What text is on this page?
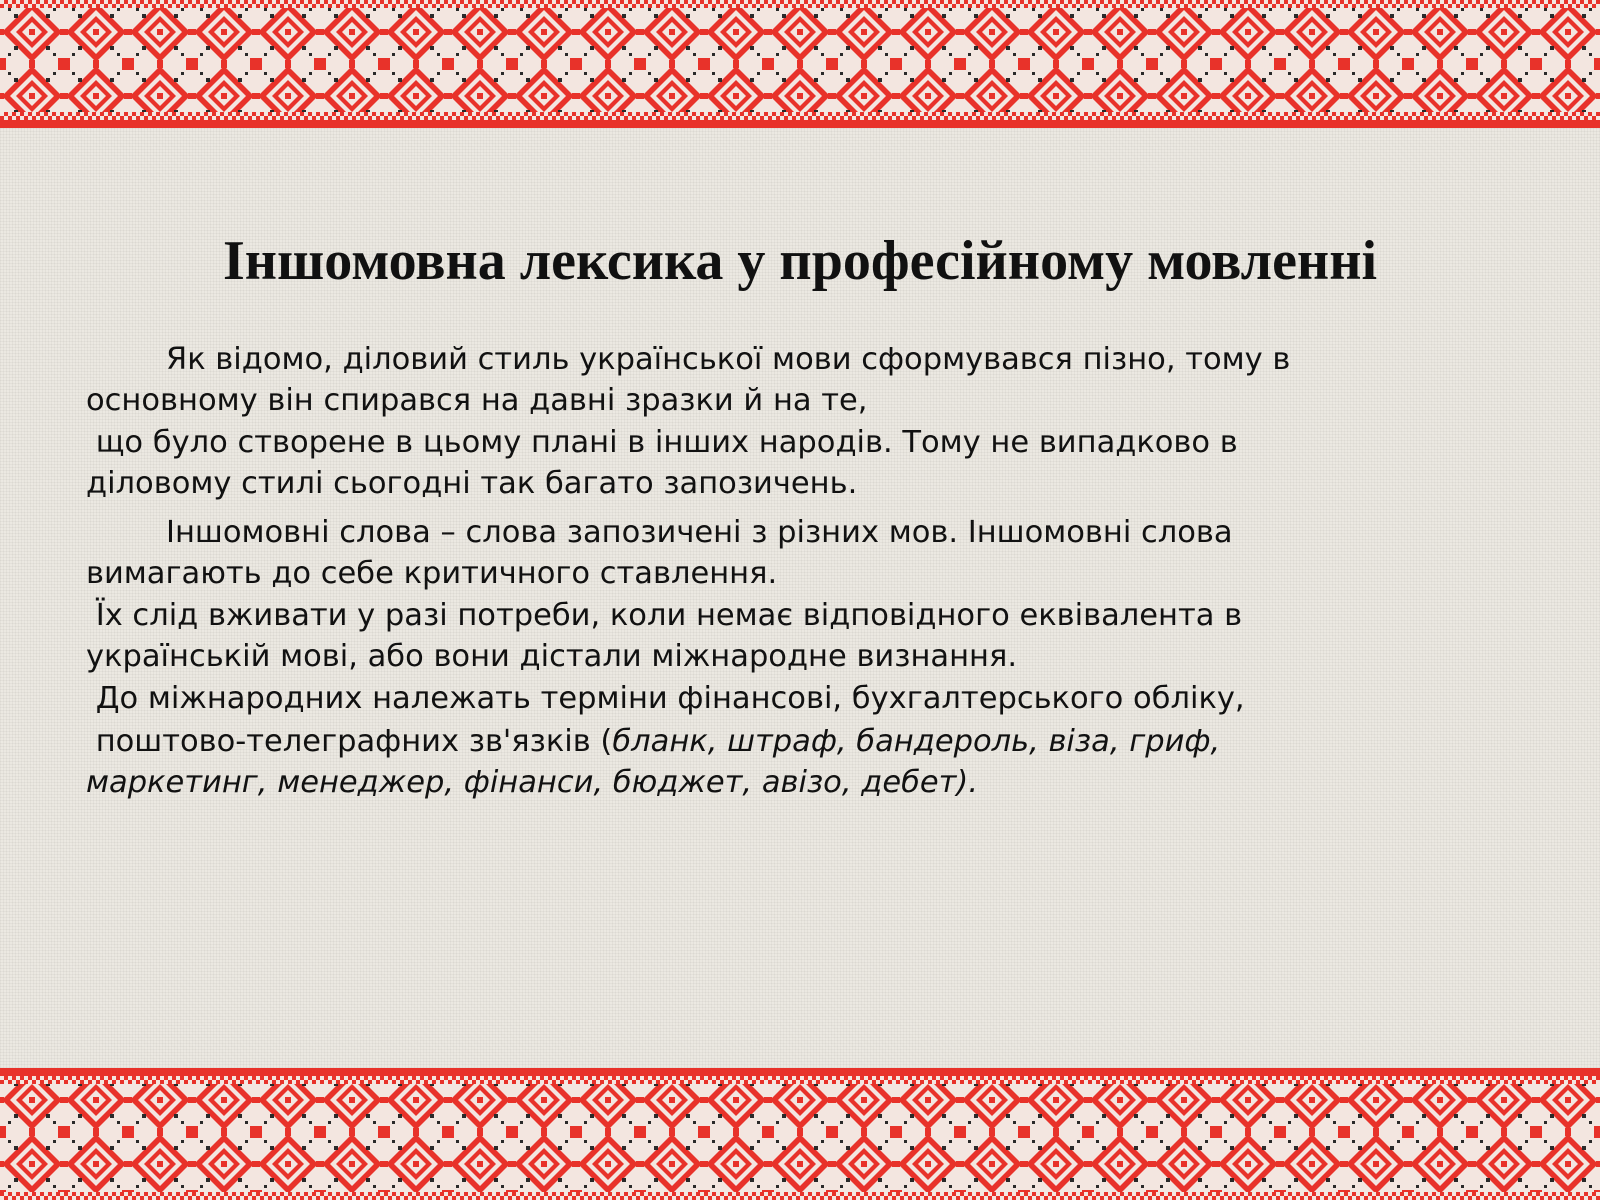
Іншомовна лексика у професійному мовленні
Як відомо, діловий стиль української мови сформувався пізно, тому в
основному він спирався на давні зразки й на те,
що було створене в цьому плані в інших народів. Тому не випадково в
діловому стилі сьогодні так багато запозичень.
Іншомовні слова – слова запозичені з різних мов. Іншомовні слова
вимагають до себе критичного ставлення.
Їх слід вживати у разі потреби, коли немає відповідного еквівалента в
українській мові, або вони дістали міжнародне визнання.
До міжнародних належать терміни фінансові, бухгалтерського обліку,
поштово-телеграфних зв'язків (бланк, штраф, бандероль, віза, гриф,
маркетинг, менеджер, фінанси, бюджет, авізо, дебет).
